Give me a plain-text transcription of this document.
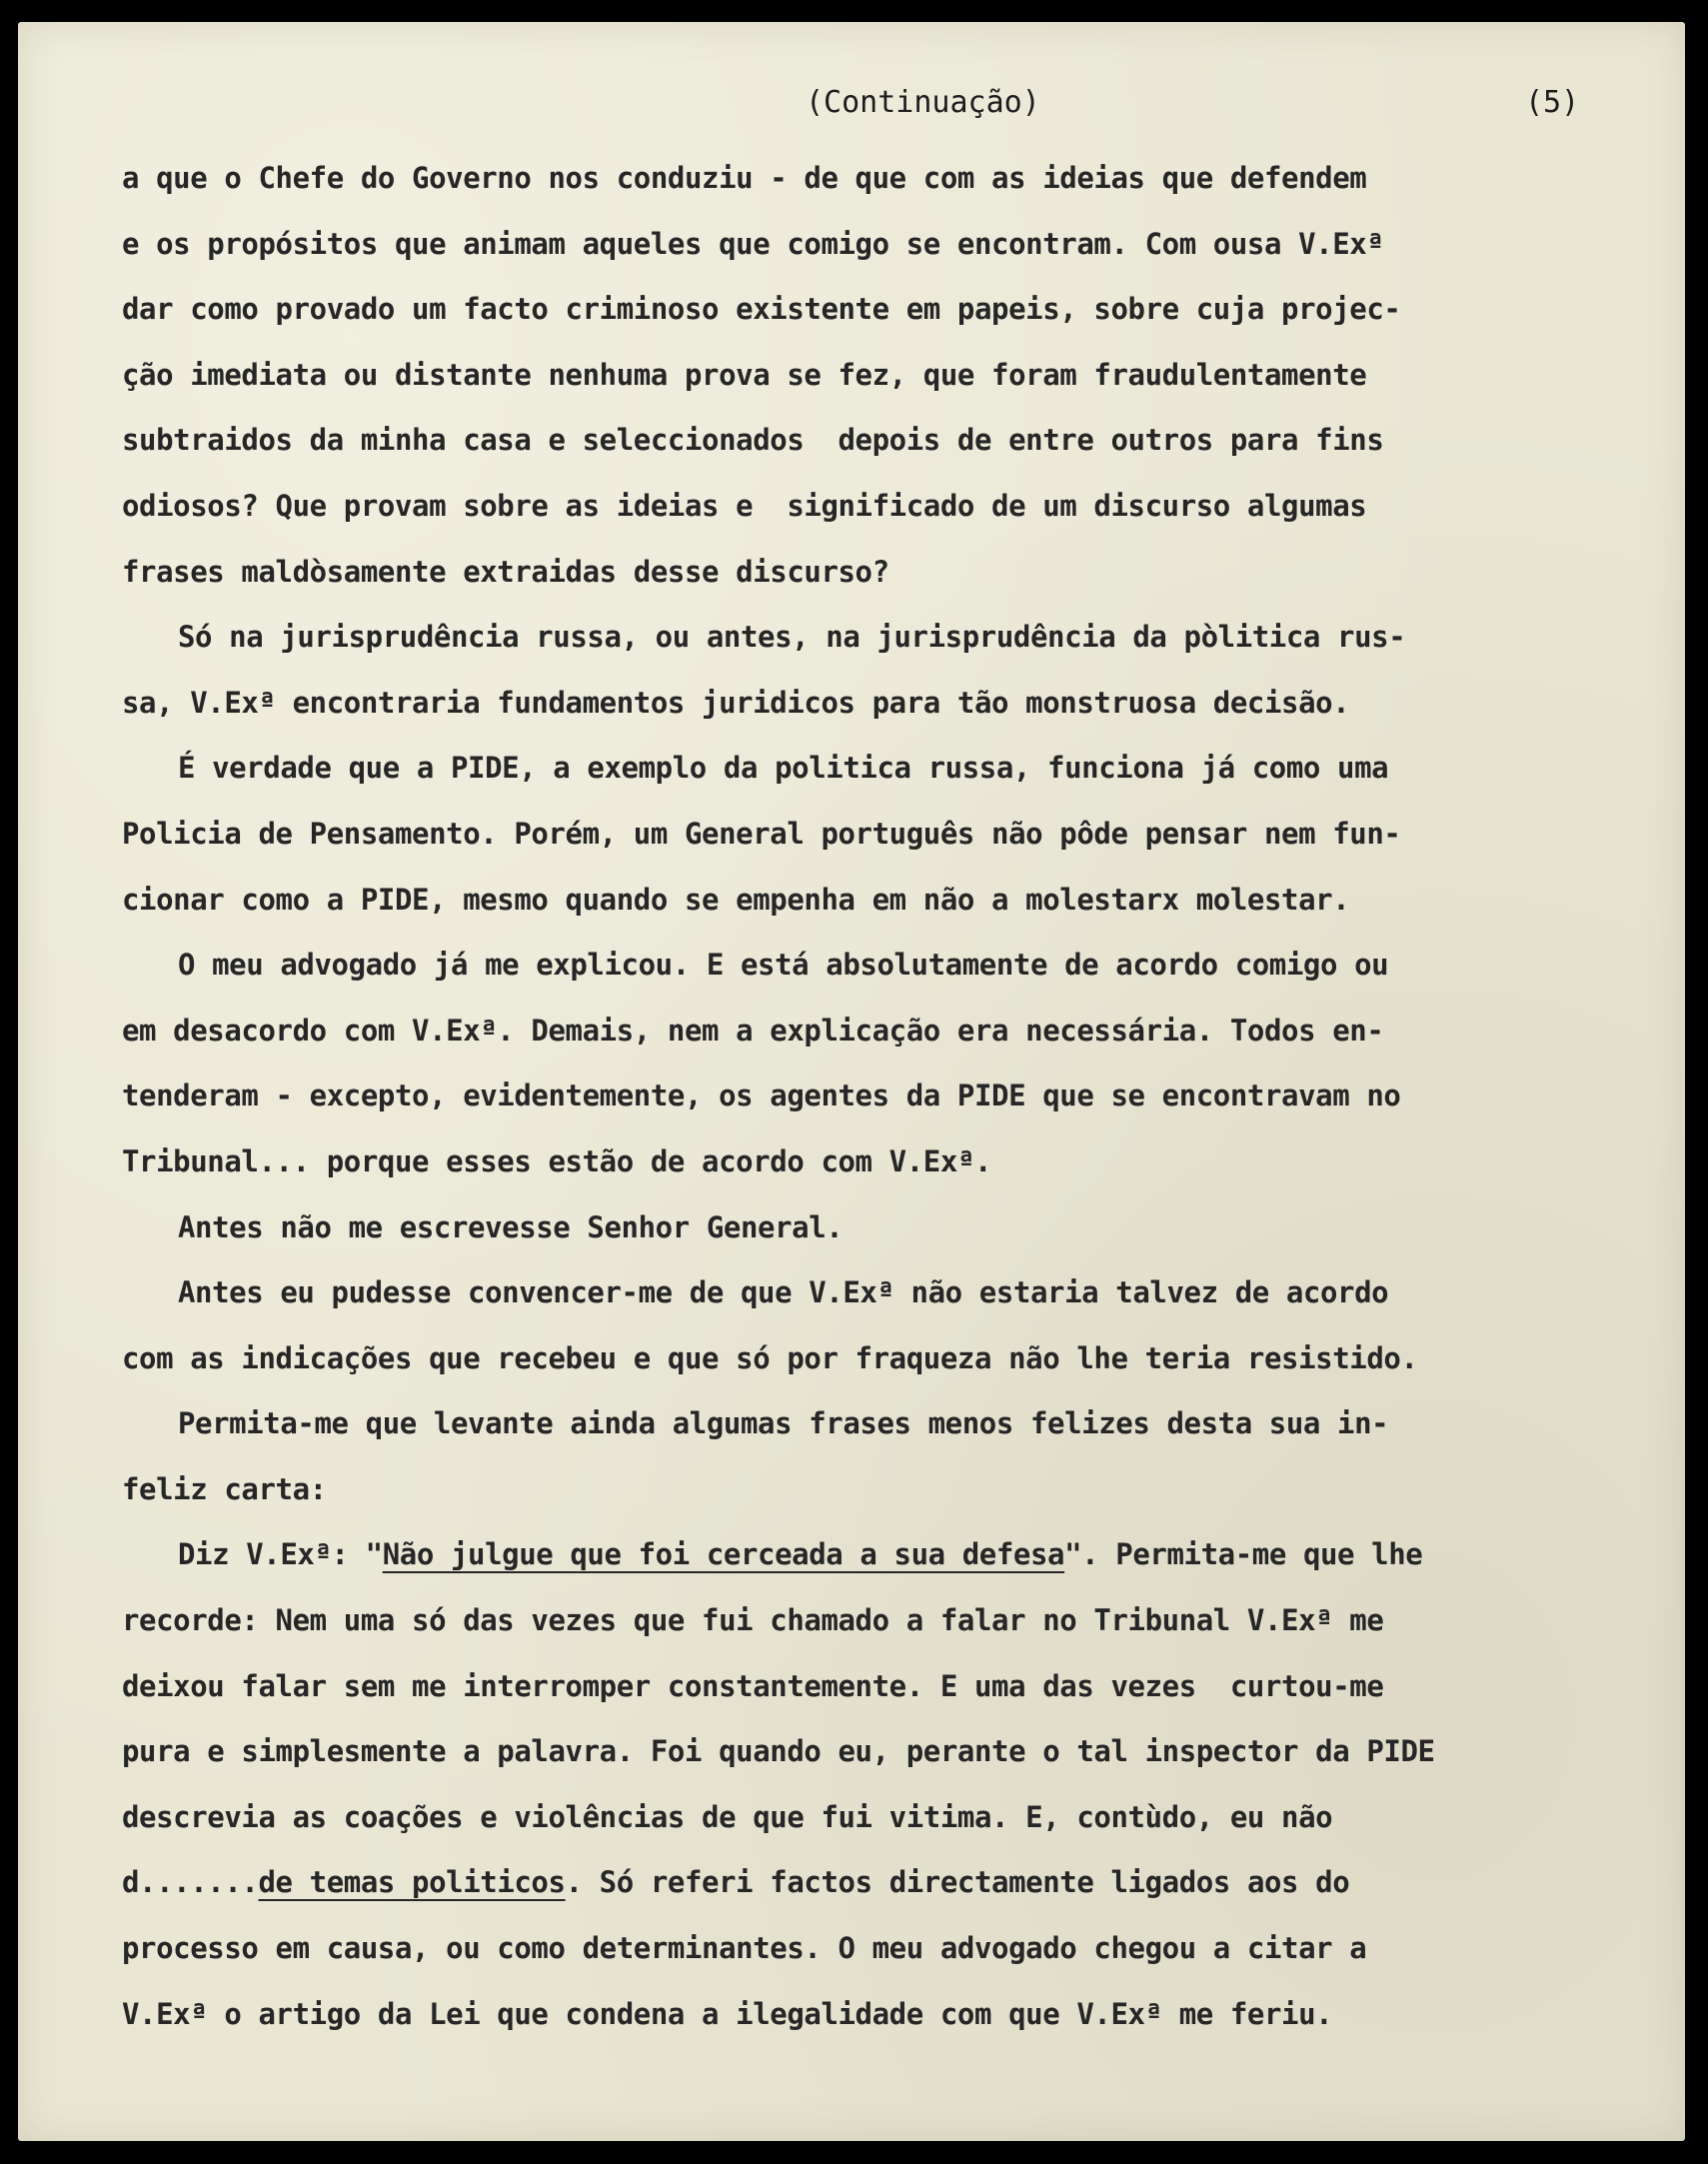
(Continuação)	(5)
a que o Chefe do Governo nos conduziu - de que com as ideias que defendem
e os propósitos que animam aqueles que comigo se encontram. Com ousa V.Exª
dar como provado um facto criminoso existente em papeis, sobre cuja projec-
ção imediata ou distante nenhuma prova se fez, que foram fraudulentamente
subtraidos da minha casa e seleccionados  depois de entre outros para fins
odiosos? Que provam sobre as ideias e  significado de um discurso algumas
frases maldòsamente extraidas desse discurso?
Só na jurisprudência russa, ou antes, na jurisprudência da pòlitica rus-
sa, V.Exª encontraria fundamentos juridicos para tão monstruosa decisão.
É verdade que a PIDE, a exemplo da politica russa, funciona já como uma
Policia de Pensamento. Porém, um General português não pôde pensar nem fun-
cionar como a PIDE, mesmo quando se empenha em não a molestarx molestar.
O meu advogado já me explicou. E está absolutamente de acordo comigo ou
em desacordo com V.Exª. Demais, nem a explicação era necessária. Todos en-
tenderam - excepto, evidentemente, os agentes da PIDE que se encontravam no
Tribunal... porque esses estão de acordo com V.Exª.
Antes não me escrevesse Senhor General.
Antes eu pudesse convencer-me de que V.Exª não estaria talvez de acordo
com as indicações que recebeu e que só por fraqueza não lhe teria resistido.
Permita-me que levante ainda algumas frases menos felizes desta sua in-
feliz carta:
Diz V.Exª: "Não julgue que foi cerceada a sua defesa". Permita-me que lhe
recorde: Nem uma só das vezes que fui chamado a falar no Tribunal V.Exª me
deixou falar sem me interromper constantemente. E uma das vezes  curtou-me
pura e simplesmente a palavra. Foi quando eu, perante o tal inspector da PIDE
descrevia as coações e violências de que fui vitima. E, contùdo, eu não
d.......de temas politicos. Só referi factos directamente ligados aos do
processo em causa, ou como determinantes. O meu advogado chegou a citar a
V.Exª o artigo da Lei que condena a ilegalidade com que V.Exª me feriu.
